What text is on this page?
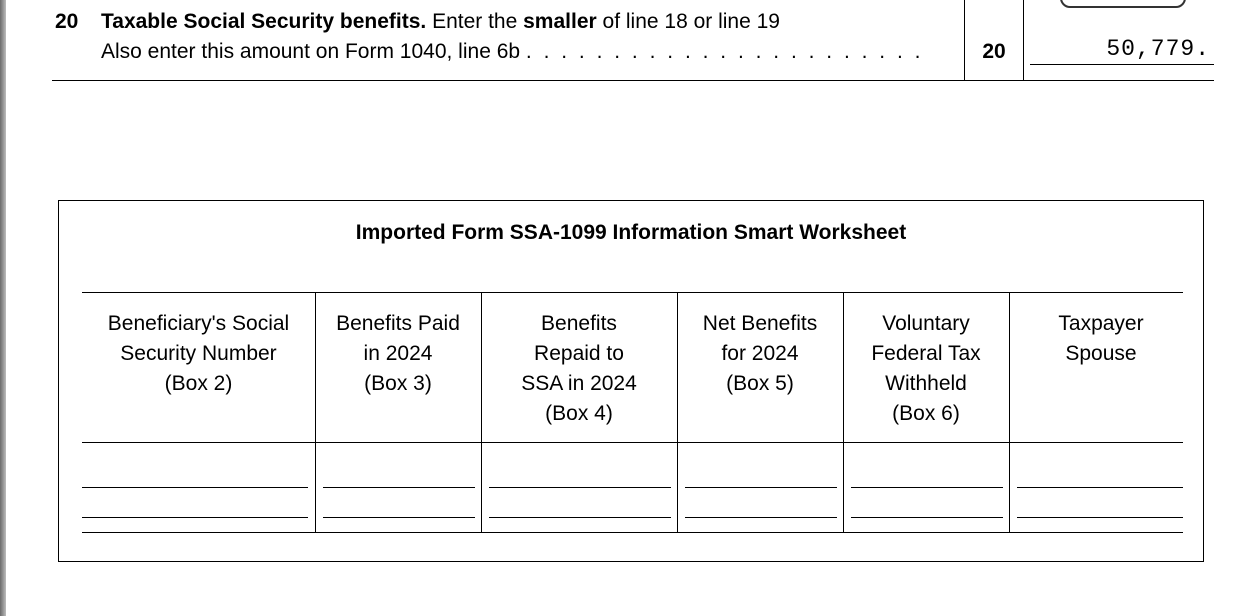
20 Taxable Social Security benefits. Enter the smaller of line 18 or line 19
Also enter this amount on Form 1040, line 6b . . . . . . . . . . . . . . . . . . . . . . .	20	50,779.
Imported Form SSA-1099 Information Smart Worksheet
Beneficiary's Social
Security Number
(Box 2)
Benefits Paid
in 2024
(Box 3)
Benefits
Repaid to
SSA in 2024
(Box 4)
Net Benefits
for 2024
(Box 5)
Voluntary
Federal Tax
Withheld
(Box 6)
Taxpayer
Spouse
